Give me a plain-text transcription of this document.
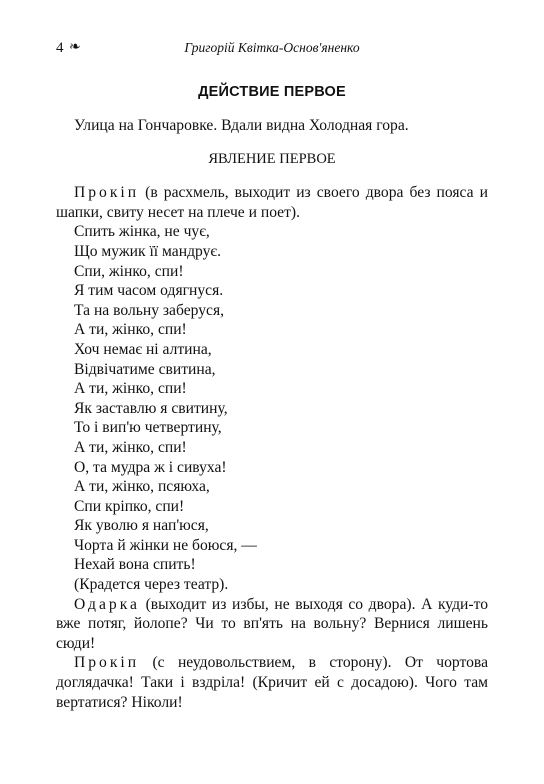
4 ❧	Григорій Квітка-Основ'яненко
ДЕЙСТВИЕ ПЕРВОЕ

Улица на Гончаровке. Вдали видна Холодная гора.

ЯВЛЕНИЕ ПЕРВОЕ

Прокіп (в расхмель, выходит из своего двора без пояса и шапки, свиту несет на плече и поет).

Спить жінка, не чує,

Що мужик її мандрує.

Спи, жінко, спи!

Я тим часом одягнуся.

Та на вольну заберуся,

А ти, жінко, спи!

Хоч немає ні алтина,

Відвічатиме свитина,

А ти, жінко, спи!

Як заставлю я свитину,

То і вип'ю четвертину,

А ти, жінко, спи!

О, та мудра ж і сивуха!

А ти, жінко, псяюха,

Спи кріпко, спи!

Як уволю я нап'юся,

Чорта й жінки не боюся, —

Нехай вона спить!

(Крадется через театр).

Одарка (выходит из избы, не выходя со двора). А куди-то вже потяг, йолопе? Чи то вп'ять на вольну? Вернися лишень сюди!

Прокіп (с неудовольствием, в сторону). От чортова доглядачка! Таки і вздріла! (Кричит ей с досадою). Чого там вертатися? Ніколи!
